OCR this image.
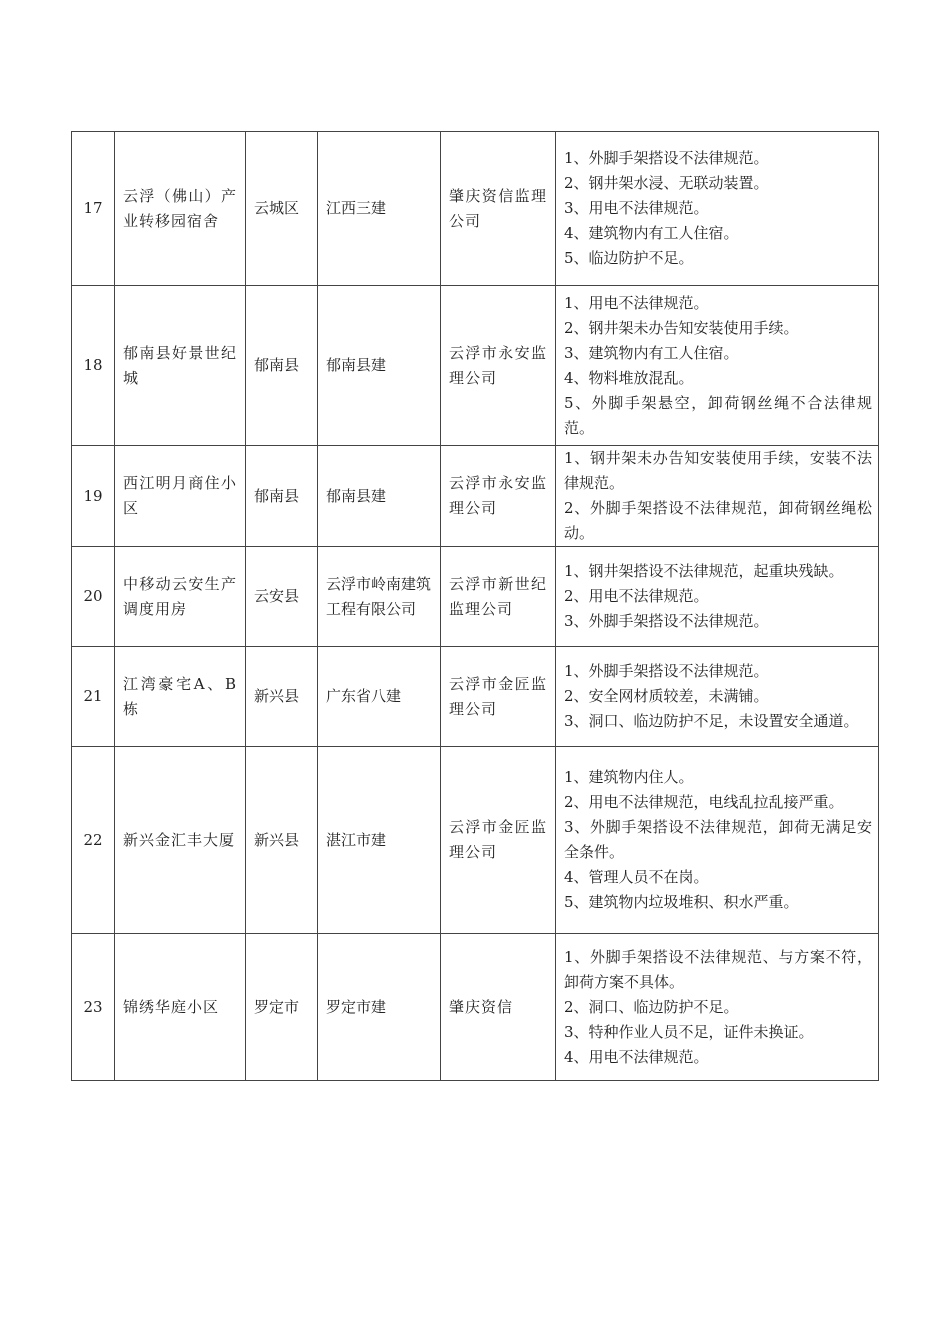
17	云浮（佛山）产业转移园宿舍	云城区	江西三建	肇庆资信监理公司	1、外脚手架搭设不法律规范。
2、钢井架水浸、无联动装置。
3、用电不法律规范。
4、建筑物内有工人住宿。
5、临边防护不足。

18	郁南县好景世纪城	郁南县	郁南县建	云浮市永安监理公司	1、用电不法律规范。
2、钢井架未办告知安装使用手续。
3、建筑物内有工人住宿。
4、物料堆放混乱。
5、外脚手架悬空，卸荷钢丝绳不合法律规范。

19	西江明月商住小区	郁南县	郁南县建	云浮市永安监理公司	1、钢井架未办告知安装使用手续，安装不法律规范。
2、外脚手架搭设不法律规范，卸荷钢丝绳松动。

20	中移动云安生产调度用房	云安县	云浮市岭南建筑工程有限公司	云浮市新世纪监理公司	1、钢井架搭设不法律规范，起重块残缺。
2、用电不法律规范。
3、外脚手架搭设不法律规范。

21	江湾豪宅A、B栋	新兴县	广东省八建	云浮市金匠监理公司	1、外脚手架搭设不法律规范。
2、安全网材质较差，未满铺。
3、洞口、临边防护不足，未设置安全通道。

22	新兴金汇丰大厦	新兴县	湛江市建	云浮市金匠监理公司	1、建筑物内住人。
2、用电不法律规范，电线乱拉乱接严重。
3、外脚手架搭设不法律规范，卸荷无满足安全条件。
4、管理人员不在岗。
5、建筑物内垃圾堆积、积水严重。

23	锦绣华庭小区	罗定市	罗定市建	肇庆资信	1、外脚手架搭设不法律规范、与方案不符，卸荷方案不具体。
2、洞口、临边防护不足。
3、特种作业人员不足，证件未换证。
4、用电不法律规范。
